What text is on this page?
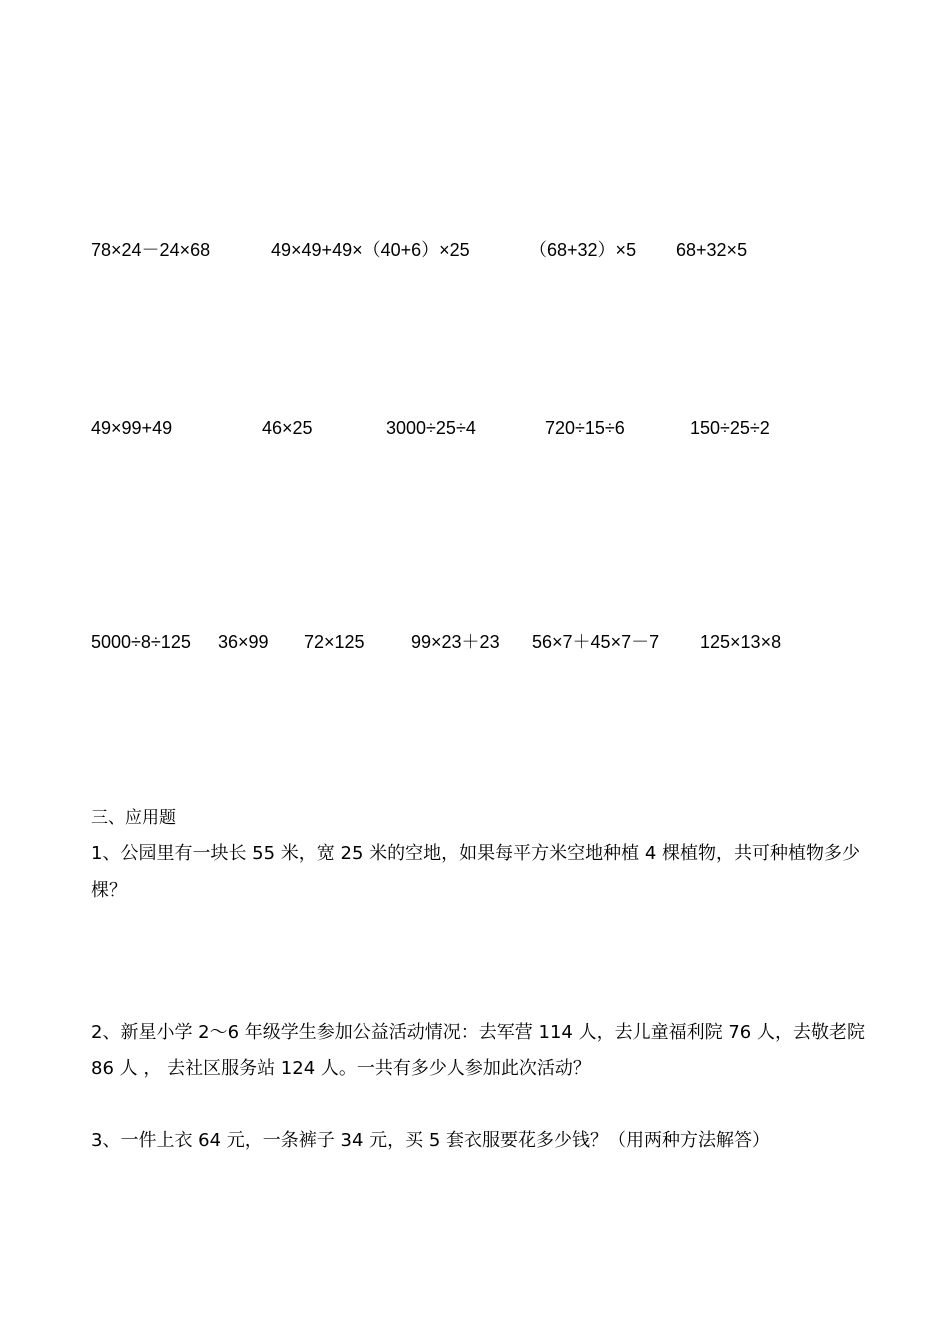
78×24－24×68	49×49+49×（40+6）×25	（68+32）×5 68+32×5
49×99+49	46×25	3000÷25÷4	720÷15÷6	150÷25÷2
5000÷8÷125 36×99 72×125	99×23＋23 56×7＋45×7－7 125×13×8
三、应用题
1、公园里有一块长 55 米，宽 25 米的空地，如果每平方米空地种植 4 棵植物，共可种植物多少
棵？
2、新星小学 2～6 年级学生参加公益活动情况：去军营 114 人，去儿童福利院 76 人，去敬老院
86 人 ， 去社区服务站 124 人。一共有多少人参加此次活动？
3、一件上衣 64 元，一条裤子 34 元，买 5 套衣服要花多少钱？（用两种方法解答）
